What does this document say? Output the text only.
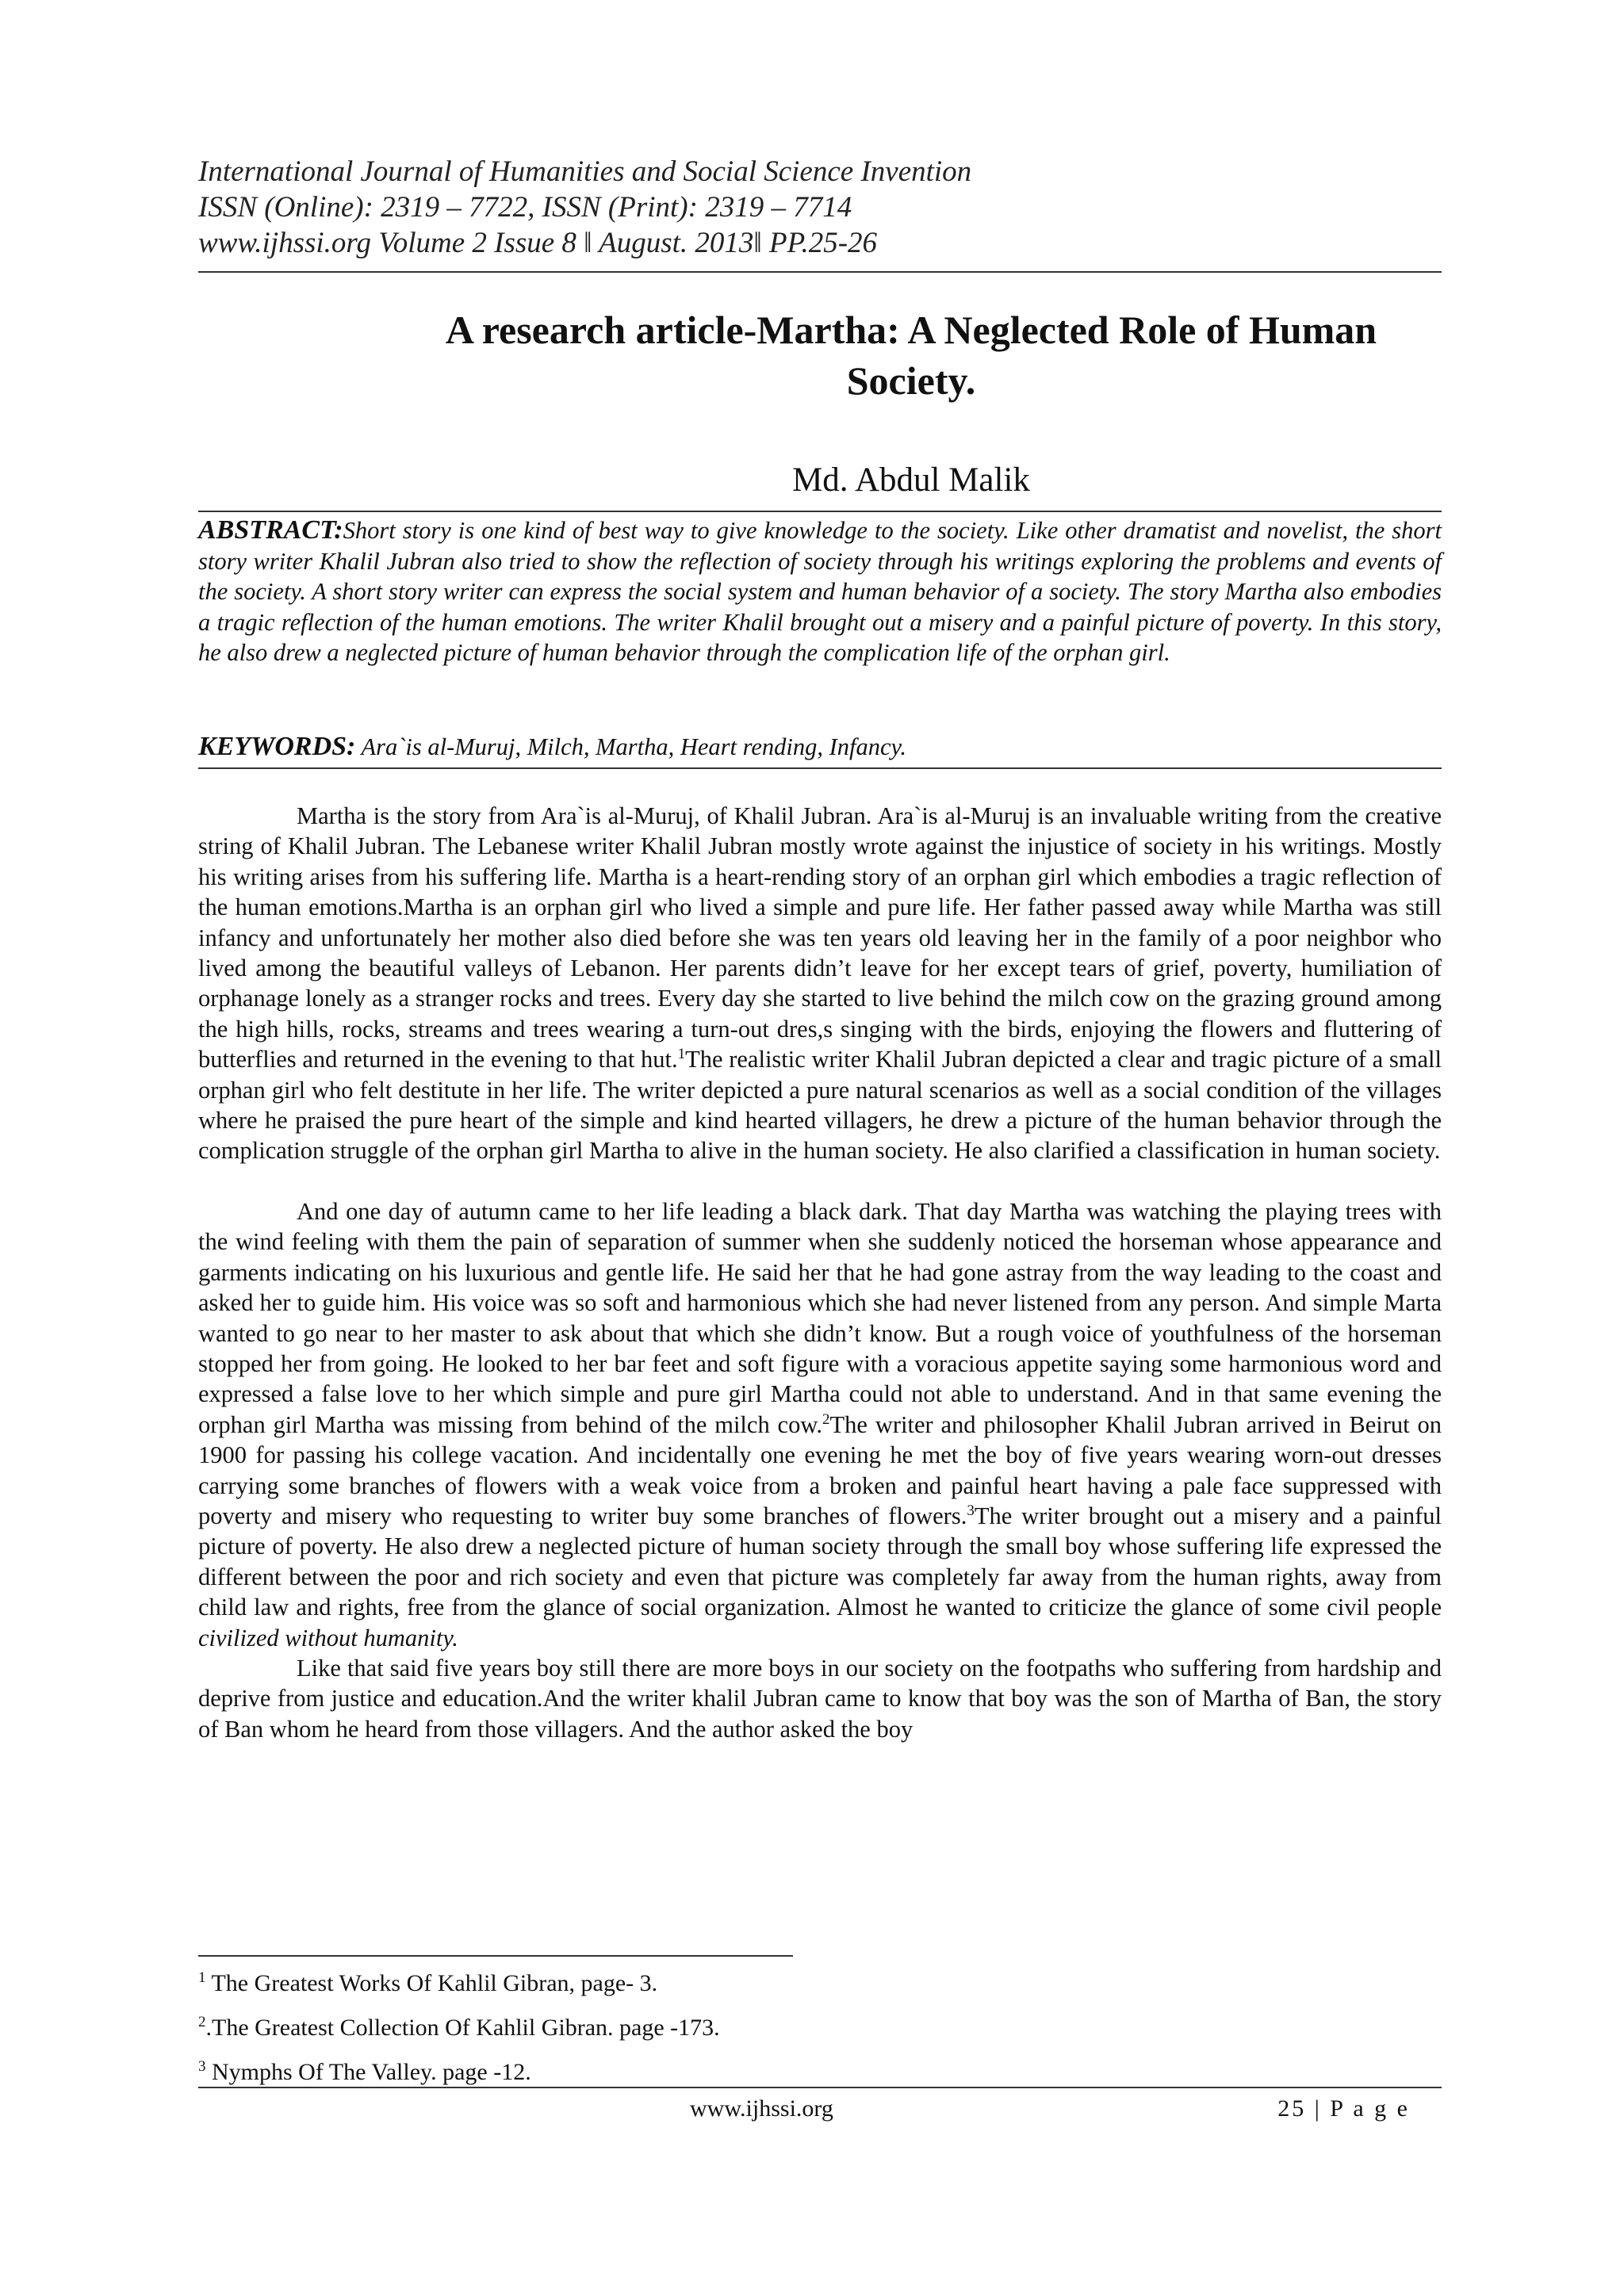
International Journal of Humanities and Social Science Invention
ISSN (Online): 2319 – 7722, ISSN (Print): 2319 – 7714
www.ijhssi.org Volume 2 Issue 8 ǁ August. 2013ǁ PP.25-26
A research article-Martha: A Neglected Role of Human Society.
Md. Abdul Malik
ABSTRACT:Short story is one kind of best way to give knowledge to the society. Like other dramatist and novelist, the short story writer Khalil Jubran also tried to show the reflection of society through his writings exploring the problems and events of the society. A short story writer can express the social system and human behavior of a society. The story Martha also embodies a tragic reflection of the human emotions. The writer Khalil brought out a misery and a painful picture of poverty. In this story, he also drew a neglected picture of human behavior through the complication life of the orphan girl.
KEYWORDS: Ara`is al-Muruj, Milch, Martha, Heart rending, Infancy.

Martha is the story from Ara`is al-Muruj, of Khalil Jubran. Ara`is al-Muruj is an invaluable writing from the creative string of Khalil Jubran. The Lebanese writer Khalil Jubran mostly wrote against the injustice of society in his writings. Mostly his writing arises from his suffering life. Martha is a heart-rending story of an orphan girl which embodies a tragic reflection of the human emotions.Martha is an orphan girl who lived a simple and pure life. Her father passed away while Martha was still infancy and unfortunately her mother also died before she was ten years old leaving her in the family of a poor neighbor who lived among the beautiful valleys of Lebanon. Her parents didn’t leave for her except tears of grief, poverty, humiliation of orphanage lonely as a stranger rocks and trees. Every day she started to live behind the milch cow on the grazing ground among the high hills, rocks, streams and trees wearing a turn-out dres,s singing with the birds, enjoying the flowers and fluttering of butterflies and returned in the evening to that hut.$^1$The realistic writer Khalil Jubran depicted a clear and tragic picture of a small orphan girl who felt destitute in her life. The writer depicted a pure natural scenarios as well as a social condition of the villages where he praised the pure heart of the simple and kind hearted villagers, he drew a picture of the human behavior through the complication struggle of the orphan girl Martha to alive in the human society. He also clarified a classification in human society.

And one day of autumn came to her life leading a black dark. That day Martha was watching the playing trees with the wind feeling with them the pain of separation of summer when she suddenly noticed the horseman whose appearance and garments indicating on his luxurious and gentle life. He said her that he had gone astray from the way leading to the coast and asked her to guide him. His voice was so soft and harmonious which she had never listened from any person. And simple Marta wanted to go near to her master to ask about that which she didn’t know. But a rough voice of youthfulness of the horseman stopped her from going. He looked to her bar feet and soft figure with a voracious appetite saying some harmonious word and expressed a false love to her which simple and pure girl Martha could not able to understand. And in that same evening the orphan girl Martha was missing from behind of the milch cow.$^2$The writer and philosopher Khalil Jubran arrived in Beirut on 1900 for passing his college vacation. And incidentally one evening he met the boy of five years wearing worn-out dresses carrying some branches of flowers with a weak voice from a broken and painful heart having a pale face suppressed with poverty and misery who requesting to writer buy some branches of flowers.$^3$The writer brought out a misery and a painful picture of poverty. He also drew a neglected picture of human society through the small boy whose suffering life expressed the different between the poor and rich society and even that picture was completely far away from the human rights, away from child law and rights, free from the glance of social organization. Almost he wanted to criticize the glance of some civil people civilized without humanity.

Like that said five years boy still there are more boys in our society on the footpaths who suffering from hardship and deprive from justice and education.And the writer khalil Jubran came to know that boy was the son of Martha of Ban, the story of Ban whom he heard from those villagers. And the author asked the boy

$^1$ The Greatest Works Of Kahlil Gibran, page- 3.
$^2$.The Greatest Collection Of Kahlil Gibran. page -173.
$^3$ Nymphs Of The Valley. page -12.
www.ijhssi.org	25 | P a g e
